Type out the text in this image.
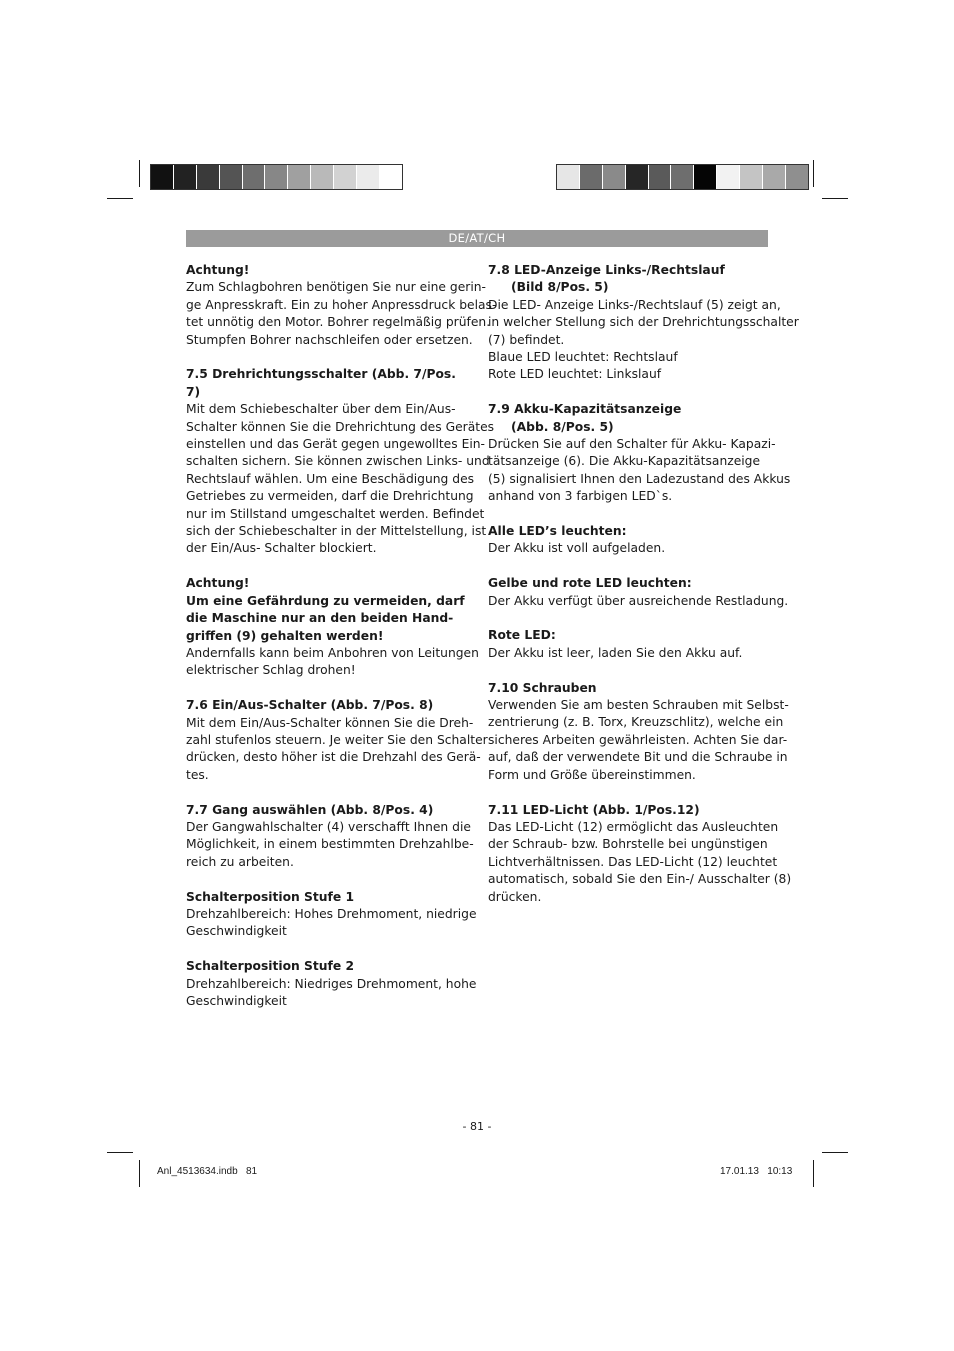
DE/AT/CH
Achtung!
Zum Schlagbohren benötigen Sie nur eine gerin-
ge Anpresskraft. Ein zu hoher Anpressdruck belas-
tet unnötig den Motor. Bohrer regelmäßig prüfen.
Stumpfen Bohrer nachschleifen oder ersetzen.
7.5 Drehrichtungsschalter (Abb. 7/Pos. 7)
Mit dem Schiebeschalter über dem Ein/Aus-
Schalter können Sie die Drehrichtung des Gerätes
einstellen und das Gerät gegen ungewolltes Ein-
schalten sichern. Sie können zwischen Links- und
Rechtslauf wählen. Um eine Beschädigung des
Getriebes zu vermeiden, darf die Drehrichtung
nur im Stillstand umgeschaltet werden. Befindet
sich der Schiebeschalter in der Mittelstellung, ist
der Ein/Aus- Schalter blockiert.
Achtung!
Um eine Gefährdung zu vermeiden, darf
die Maschine nur an den beiden Hand-
griffen (9) gehalten werden!
Andernfalls kann beim Anbohren von Leitungen
elektrischer Schlag drohen!
7.6 Ein/Aus-Schalter (Abb. 7/Pos. 8)
Mit dem Ein/Aus-Schalter können Sie die Dreh-
zahl stufenlos steuern. Je weiter Sie den Schalter
drücken, desto höher ist die Drehzahl des Gerä-
tes.
7.7 Gang auswählen (Abb. 8/Pos. 4)
Der Gangwahlschalter (4) verschafft Ihnen die
Möglichkeit, in einem bestimmten Drehzahlbe-
reich zu arbeiten.
Schalterposition Stufe 1
Drehzahlbereich: Hohes Drehmoment, niedrige
Geschwindigkeit
Schalterposition Stufe 2
Drehzahlbereich: Niedriges Drehmoment, hohe
Geschwindigkeit
7.8 LED-Anzeige Links-/Rechtslauf
(Bild 8/Pos. 5)
Die LED- Anzeige Links-/Rechtslauf (5) zeigt an,
in welcher Stellung sich der Drehrichtungsschalter
(7) befindet.
Blaue LED leuchtet: Rechtslauf
Rote LED leuchtet: Linkslauf
7.9 Akku-Kapazitätsanzeige
(Abb. 8/Pos. 5)
Drücken Sie auf den Schalter für Akku- Kapazi-
tätsanzeige (6). Die Akku-Kapazitätsanzeige
(5) signalisiert Ihnen den Ladezustand des Akkus
anhand von 3 farbigen LED`s.
Alle LED’s leuchten:
Der Akku ist voll aufgeladen.
Gelbe und rote LED leuchten:
Der Akku verfügt über ausreichende Restladung.
Rote LED:
Der Akku ist leer, laden Sie den Akku auf.
7.10 Schrauben
Verwenden Sie am besten Schrauben mit Selbst-
zentrierung (z. B. Torx, Kreuzschlitz), welche ein
sicheres Arbeiten gewährleisten. Achten Sie dar-
auf, daß der verwendete Bit und die Schraube in
Form und Größe übereinstimmen.
7.11 LED-Licht (Abb. 1/Pos.12)
Das LED-Licht (12) ermöglicht das Ausleuchten
der Schraub- bzw. Bohrstelle bei ungünstigen
Lichtverhältnissen. Das LED-Licht (12) leuchtet
automatisch, sobald Sie den Ein-/ Ausschalter (8)
drücken.
- 81 -
Anl_4513634.indb   81	17.01.13   10:13
